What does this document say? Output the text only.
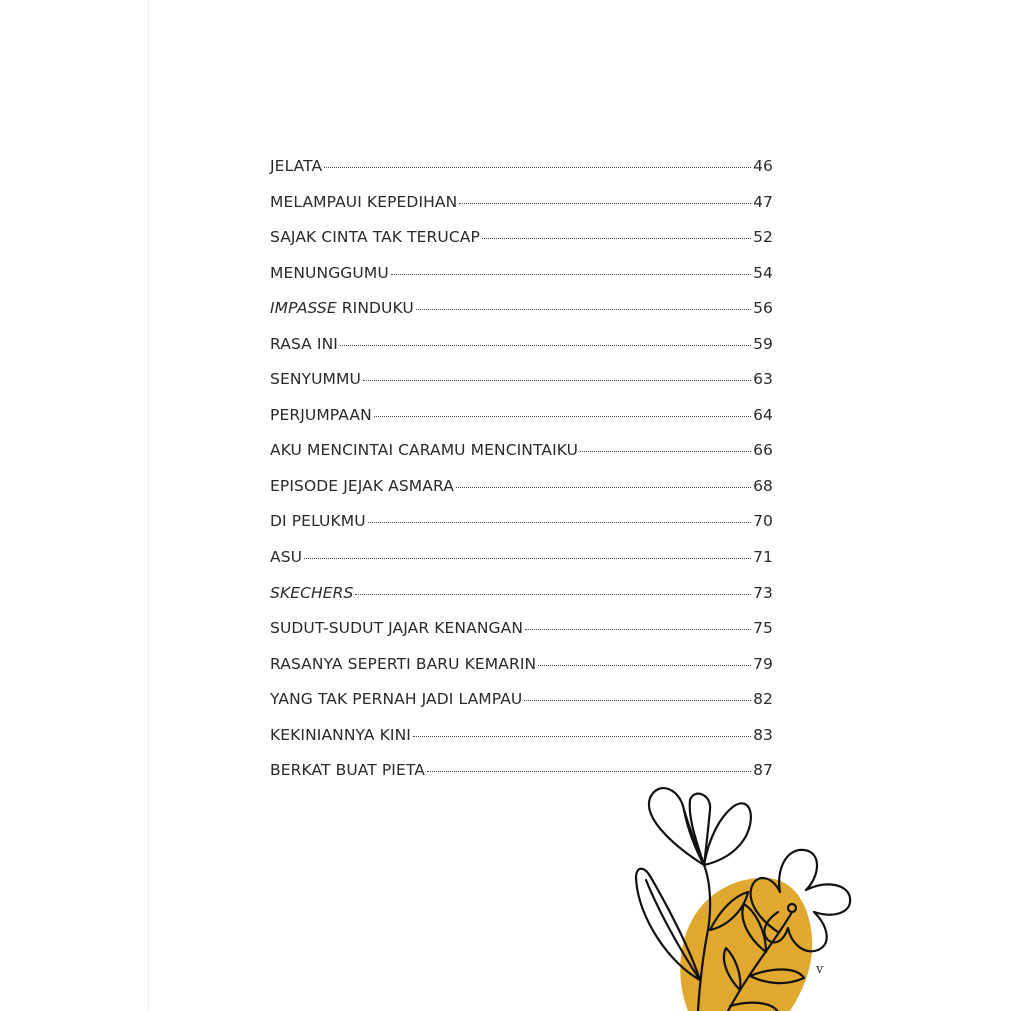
JELATA	46
MELAMPAUI KEPEDIHAN	47
SAJAK CINTA TAK TERUCAP	52
MENUNGGUMU	54
IMPASSE RINDUKU	56
RASA INI	59
SENYUMMU	63
PERJUMPAAN	64
AKU MENCINTAI CARAMU MENCINTAIKU	66
EPISODE JEJAK ASMARA	68
DI PELUKMU	70
ASU	71
SKECHERS	73
SUDUT-SUDUT JAJAR KENANGAN	75
RASANYA SEPERTI BARU KEMARIN	79
YANG TAK PERNAH JADI LAMPAU	82
KEKINIANNYA KINI	83
BERKAT BUAT PIETA	87
v
